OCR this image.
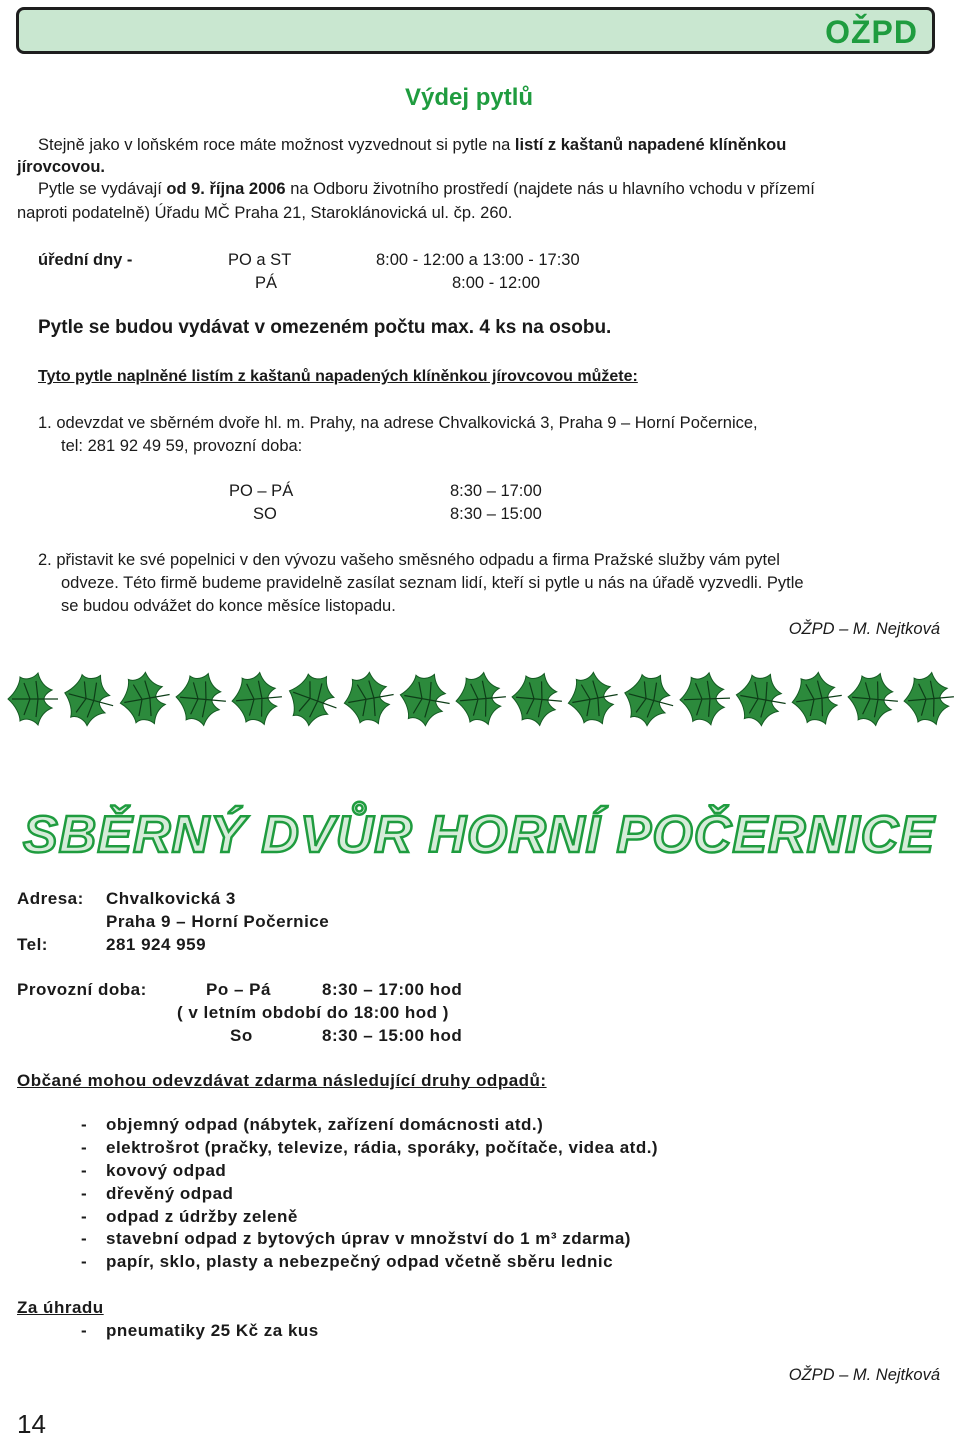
OŽPD
Výdej pytlů
Stejně jako v loňském roce máte možnost vyzvednout si pytle na listí z kaštanů napadené klíněnkou
jírovcovou.
Pytle se vydávají od 9. října 2006 na Odboru životního prostředí (najdete nás u hlavního vchodu v přízemí
naproti podatelně) Úřadu MČ Praha 21, Staroklánovická ul. čp. 260.
úřední dny -	PO a ST	8:00 - 12:00 a 13:00 - 17:30
PÁ	8:00 - 12:00
Pytle se budou vydávat v omezeném počtu max. 4 ks na osobu.
Tyto pytle naplněné listím z kaštanů napadených klíněnkou jírovcovou můžete:
1. odevzdat ve sběrném dvoře hl. m. Prahy, na adrese Chvalkovická 3, Praha 9 – Horní Počernice,
tel: 281 92 49 59, provozní doba:
PO – PÁ	8:30 – 17:00
SO	8:30 – 15:00
2. přistavit ke své popelnici v den vývozu vašeho směsného odpadu a firma Pražské služby vám pytel
odveze. Této firmě budeme pravidelně zasílat seznam lidí, kteří si pytle u nás na úřadě vyzvedli. Pytle
se budou odvážet do konce měsíce listopadu.
OŽPD – M. Nejtková
SBĚRNÝ DVŮR HORNÍ POČERNICE
Adresa: Chvalkovická 3
Praha 9 – Horní Počernice
Tel:	281 924 959
Provozní doba:	Po – Pá	8:30 – 17:00 hod
( v letním období do 18:00 hod )
So	8:30 – 15:00 hod
Občané mohou odevzdávat zdarma následující druhy odpadů:
- objemný odpad (nábytek, zařízení domácnosti atd.)
- elektrošrot (pračky, televize, rádia, sporáky, počítače, videa atd.)
- kovový odpad
- dřevěný odpad
- odpad z údržby zeleně
- stavební odpad z bytových úprav v množství do 1 m³ zdarma)
- papír, sklo, plasty a nebezpečný odpad včetně sběru lednic
Za úhradu
- pneumatiky 25 Kč za kus
OŽPD – M. Nejtková
14
